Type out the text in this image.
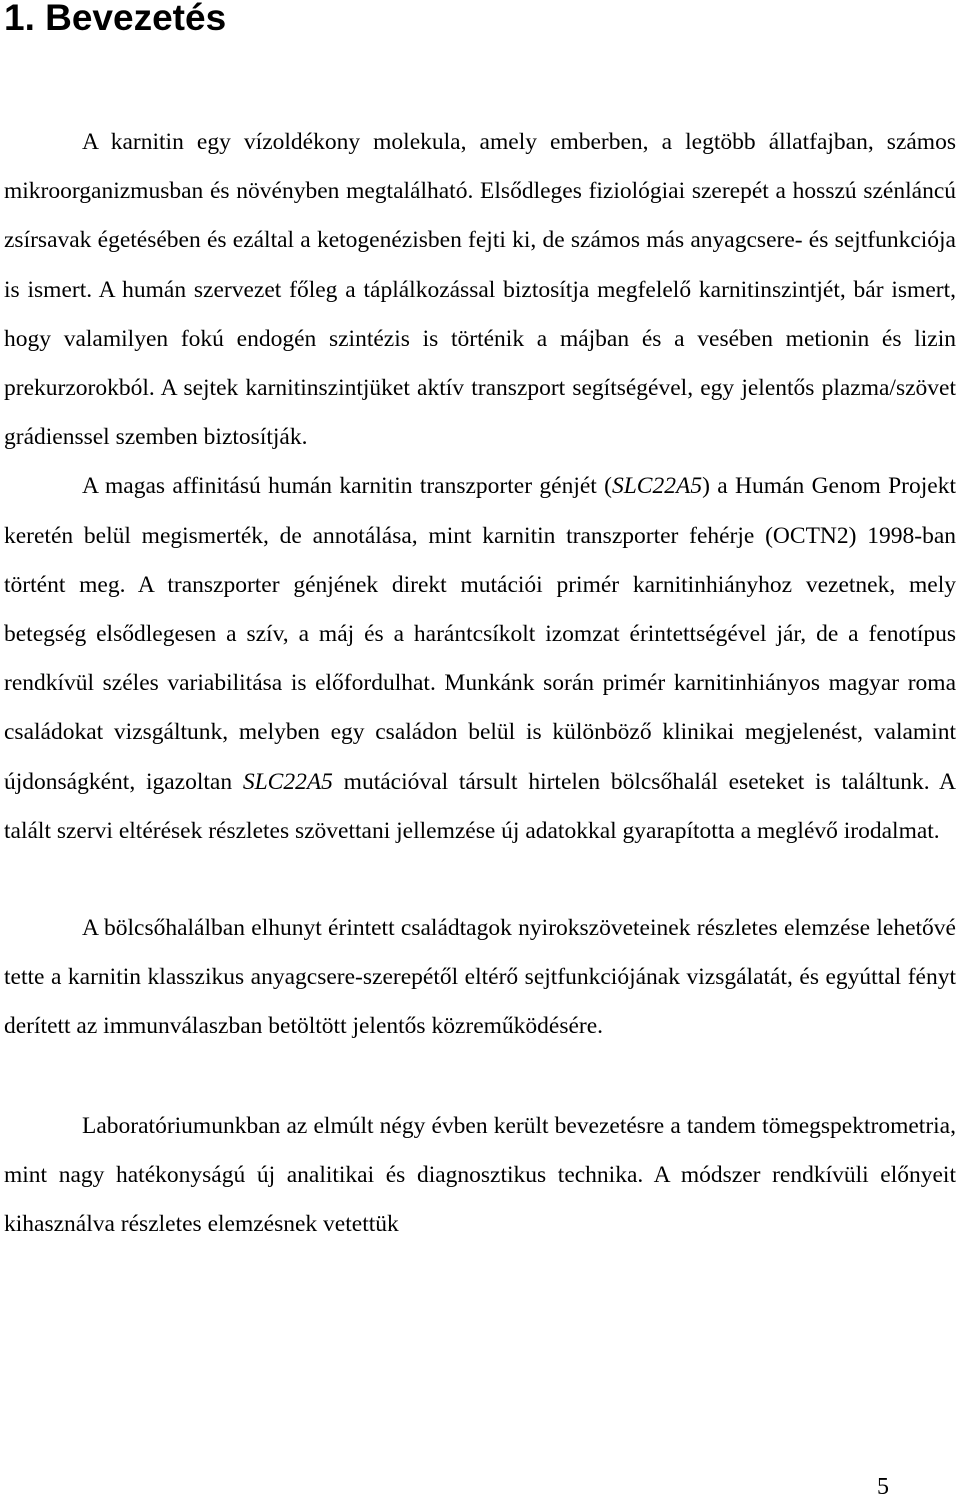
1. Bevezetés

A karnitin egy vízoldékony molekula, amely emberben, a legtöbb állatfajban, számos mikroorganizmusban és növényben megtalálható. Elsődleges fiziológiai szerepét a hosszú szénláncú zsírsavak égetésében és ezáltal a ketogenézisben fejti ki, de számos más anyagcsere- és sejtfunkciója is ismert. A humán szervezet főleg a táplálkozással biztosítja megfelelő karnitinszintjét, bár ismert, hogy valamilyen fokú endogén szintézis is történik a májban és a vesében metionin és lizin prekurzorokból. A sejtek karnitinszintjüket aktív transzport segítségével, egy jelentős plazma/szövet grádienssel szemben biztosítják.

A magas affinitású humán karnitin transzporter génjét (SLC22A5) a Humán Genom Projekt keretén belül megismerték, de annotálása, mint karnitin transzporter fehérje (OCTN2) 1998-ban történt meg. A transzporter génjének direkt mutációi primér karnitinhiányhoz vezetnek, mely betegség elsődlegesen a szív, a máj és a harántcsíkolt izomzat érintettségével jár, de a fenotípus rendkívül széles variabilitása is előfordulhat. Munkánk során primér karnitinhiányos magyar roma családokat vizsgáltunk, melyben egy családon belül is különböző klinikai megjelenést, valamint újdonságként, igazoltan SLC22A5 mutációval társult hirtelen bölcsőhalál eseteket is találtunk. A talált szervi eltérések részletes szövettani jellemzése új adatokkal gyarapította a meglévő irodalmat.

A bölcsőhalálban elhunyt érintett családtagok nyirokszöveteinek részletes elemzése lehetővé tette a karnitin klasszikus anyagcsere-szerepétől eltérő sejtfunkciójának vizsgálatát, és egyúttal fényt derített az immunválaszban betöltött jelentős közreműködésére.

Laboratóriumunkban az elmúlt négy évben került bevezetésre a tandem tömegspektrometria, mint nagy hatékonyságú új analitikai és diagnosztikus technika. A módszer rendkívüli előnyeit kihasználva részletes elemzésnek vetettük

5
